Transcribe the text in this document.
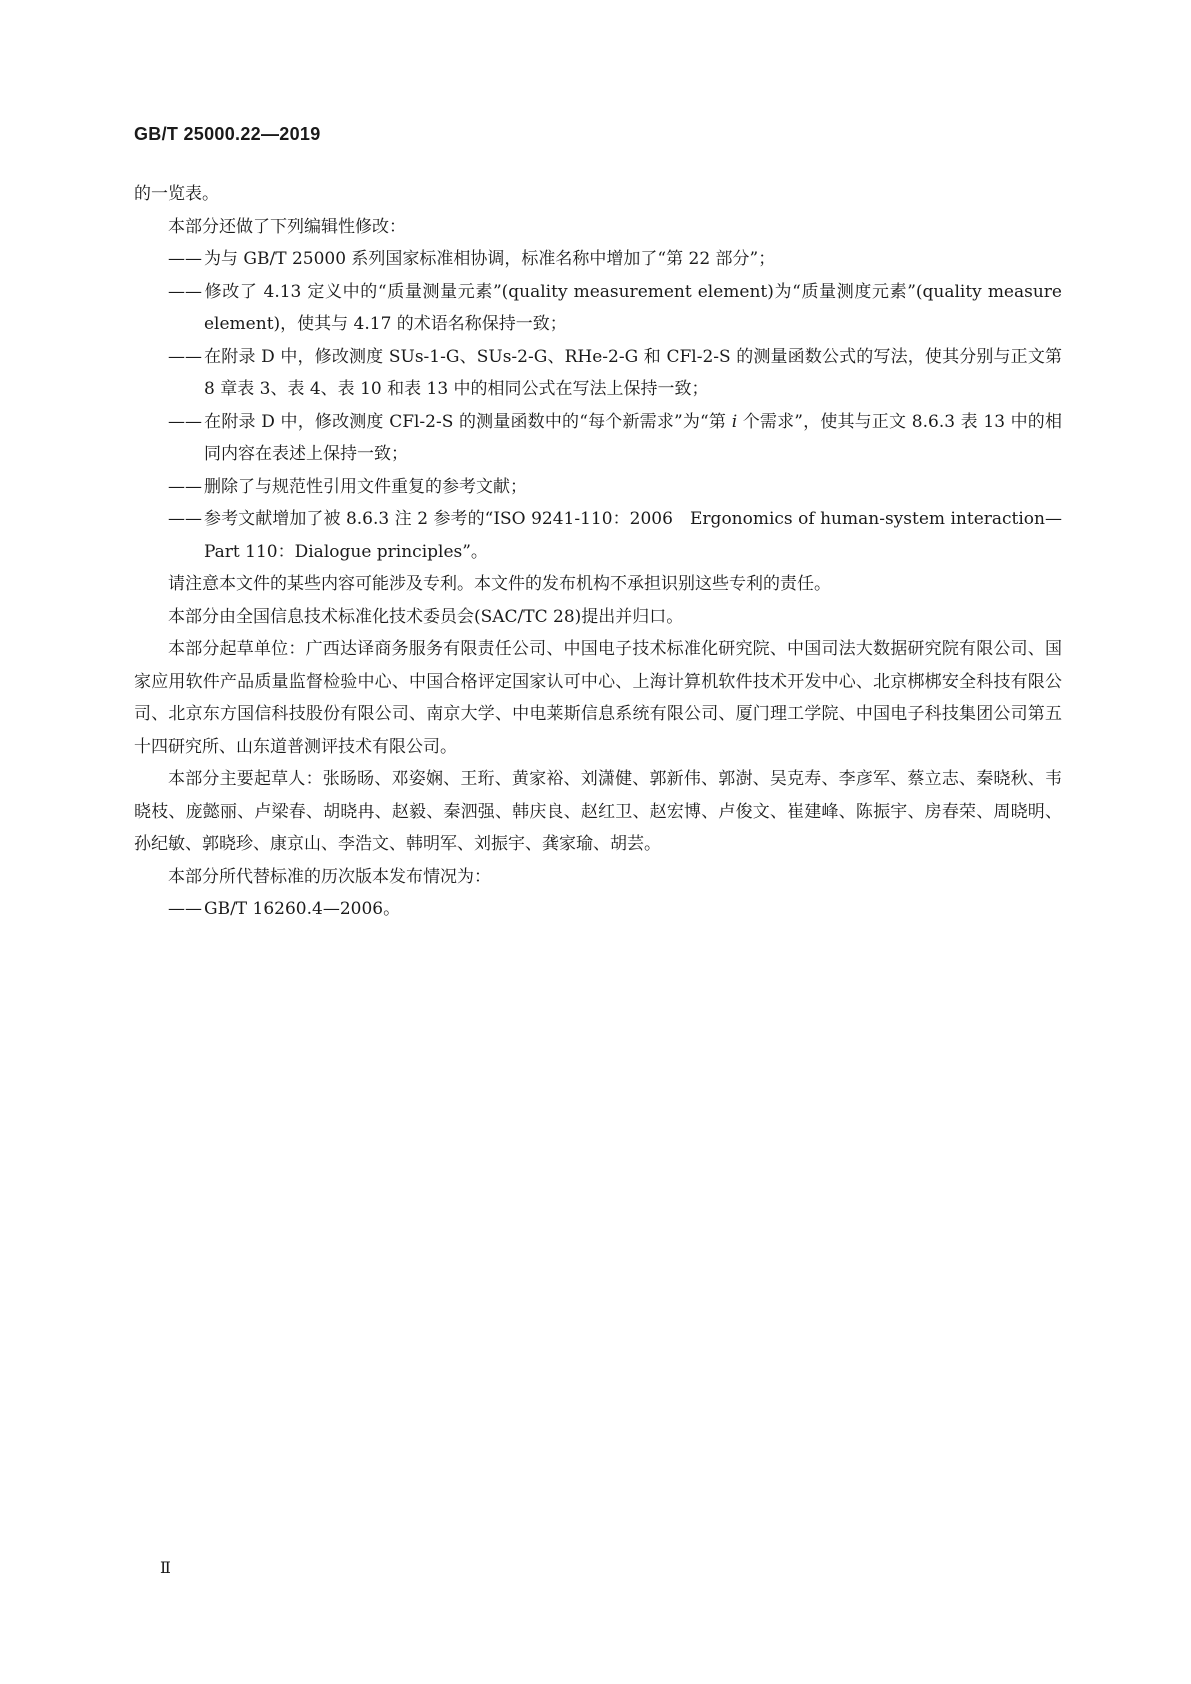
GB/T 25000.22—2019

的一览表。

本部分还做了下列编辑性修改：

—— 为与 GB/T 25000 系列国家标准相协调，标准名称中增加了“第 22 部分”；

—— 修改了 4.13 定义中的“质量测量元素”(quality measurement element)为“质量测度元素”(quality measure element)，使其与 4.17 的术语名称保持一致；

—— 在附录 D 中，修改测度 SUs-1-G、SUs-2-G、RHe-2-G 和 CFl-2-S 的测量函数公式的写法，使其分别与正文第 8 章表 3、表 4、表 10 和表 13 中的相同公式在写法上保持一致；

—— 在附录 D 中，修改测度 CFl-2-S 的测量函数中的“每个新需求”为“第 i 个需求”，使其与正文 8.6.3 表 13 中的相同内容在表述上保持一致；

—— 删除了与规范性引用文件重复的参考文献；

—— 参考文献增加了被 8.6.3 注 2 参考的“ISO 9241-110：2006　Ergonomics of human-system interaction—Part 110：Dialogue principles”。

请注意本文件的某些内容可能涉及专利。本文件的发布机构不承担识别这些专利的责任。

本部分由全国信息技术标准化技术委员会(SAC/TC 28)提出并归口。

本部分起草单位：广西达译商务服务有限责任公司、中国电子技术标准化研究院、中国司法大数据研究院有限公司、国家应用软件产品质量监督检验中心、中国合格评定国家认可中心、上海计算机软件技术开发中心、北京梆梆安全科技有限公司、北京东方国信科技股份有限公司、南京大学、中电莱斯信息系统有限公司、厦门理工学院、中国电子科技集团公司第五十四研究所、山东道普测评技术有限公司。

本部分主要起草人：张旸旸、邓姿娴、王珩、黄家裕、刘潇健、郭新伟、郭澍、吴克寿、李彦军、蔡立志、秦晓秋、韦晓枝、庞懿丽、卢梁春、胡晓冉、赵毅、秦泗强、韩庆良、赵红卫、赵宏博、卢俊文、崔建峰、陈振宇、房春荣、周晓明、孙纪敏、郭晓珍、康京山、李浩文、韩明军、刘振宇、龚家瑜、胡芸。

本部分所代替标准的历次版本发布情况为：

—— GB/T 16260.4—2006。

Ⅱ
